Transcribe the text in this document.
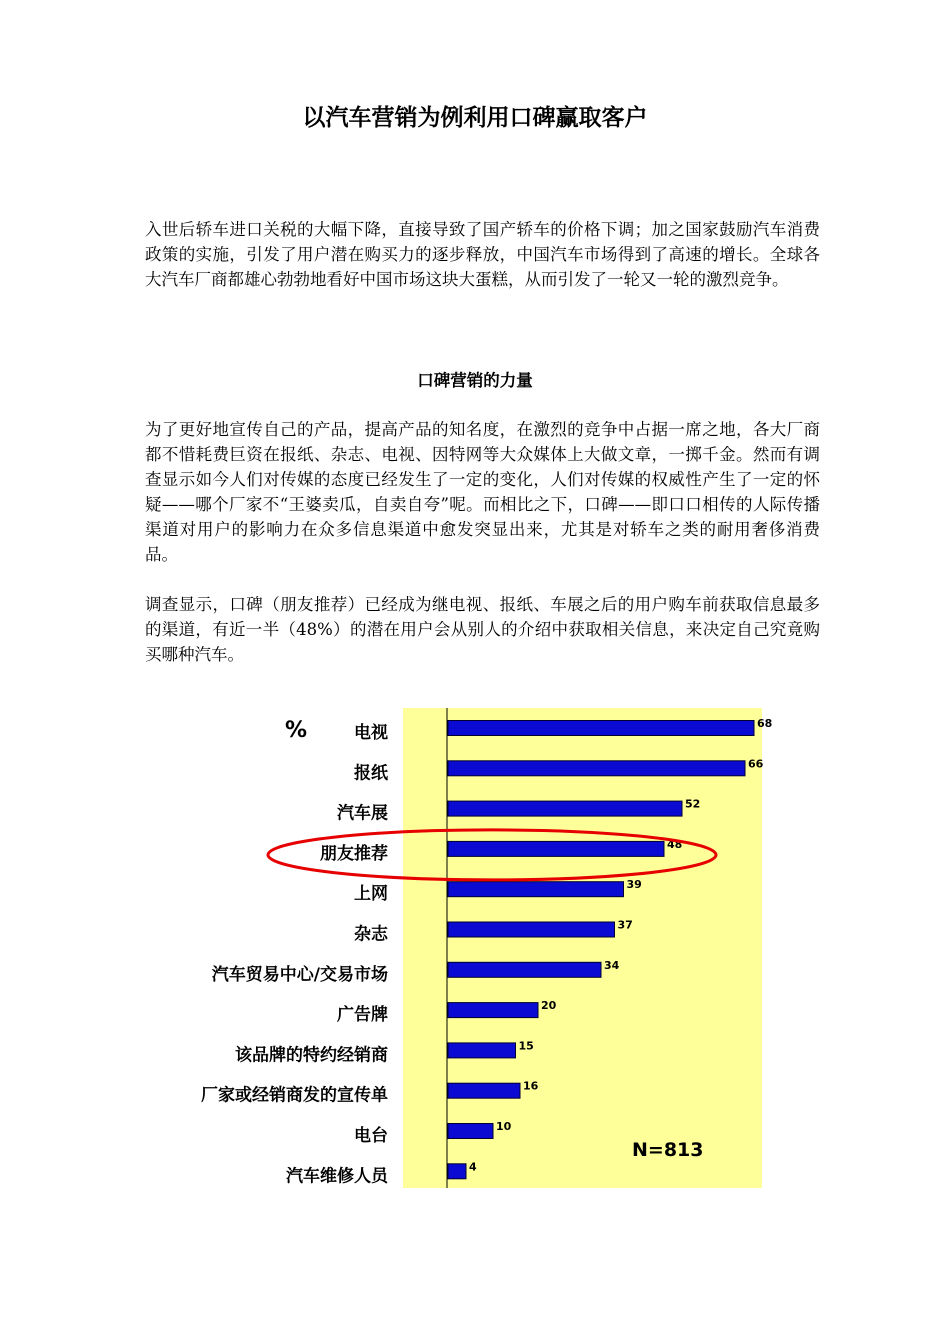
以汽车营销为例利用口碑赢取客户

入世后轿车进口关税的大幅下降，直接导致了国产轿车的价格下调；加之国家鼓励汽车消费政策的实施，引发了用户潜在购买力的逐步释放，中国汽车市场得到了高速的增长。全球各大汽车厂商都雄心勃勃地看好中国市场这块大蛋糕，从而引发了一轮又一轮的激烈竞争。

口碑营销的力量

为了更好地宣传自己的产品，提高产品的知名度，在激烈的竞争中占据一席之地，各大厂商都不惜耗费巨资在报纸、杂志、电视、因特网等大众媒体上大做文章，一掷千金。然而有调查显示如今人们对传媒的态度已经发生了一定的变化，人们对传媒的权威性产生了一定的怀疑——哪个厂家不“王婆卖瓜，自卖自夸”呢。而相比之下，口碑——即口口相传的人际传播渠道对用户的影响力在众多信息渠道中愈发突显出来，尤其是对轿车之类的耐用奢侈消费品。

调查显示，口碑（朋友推荐）已经成为继电视、报纸、车展之后的用户购车前获取信息最多的渠道，有近一半（48%）的潜在用户会从别人的介绍中获取相关信息，来决定自己究竟购买哪种汽车。

%	68
电视
66
报纸
52
汽车展
48
朋友推荐
39
上网
37
杂志
34
汽车贸易中心/交易市场
20
广告牌
15
该品牌的特约经销商
16
厂家或经销商发的宣传单
10
电台
4
汽车维修人员
N=813
